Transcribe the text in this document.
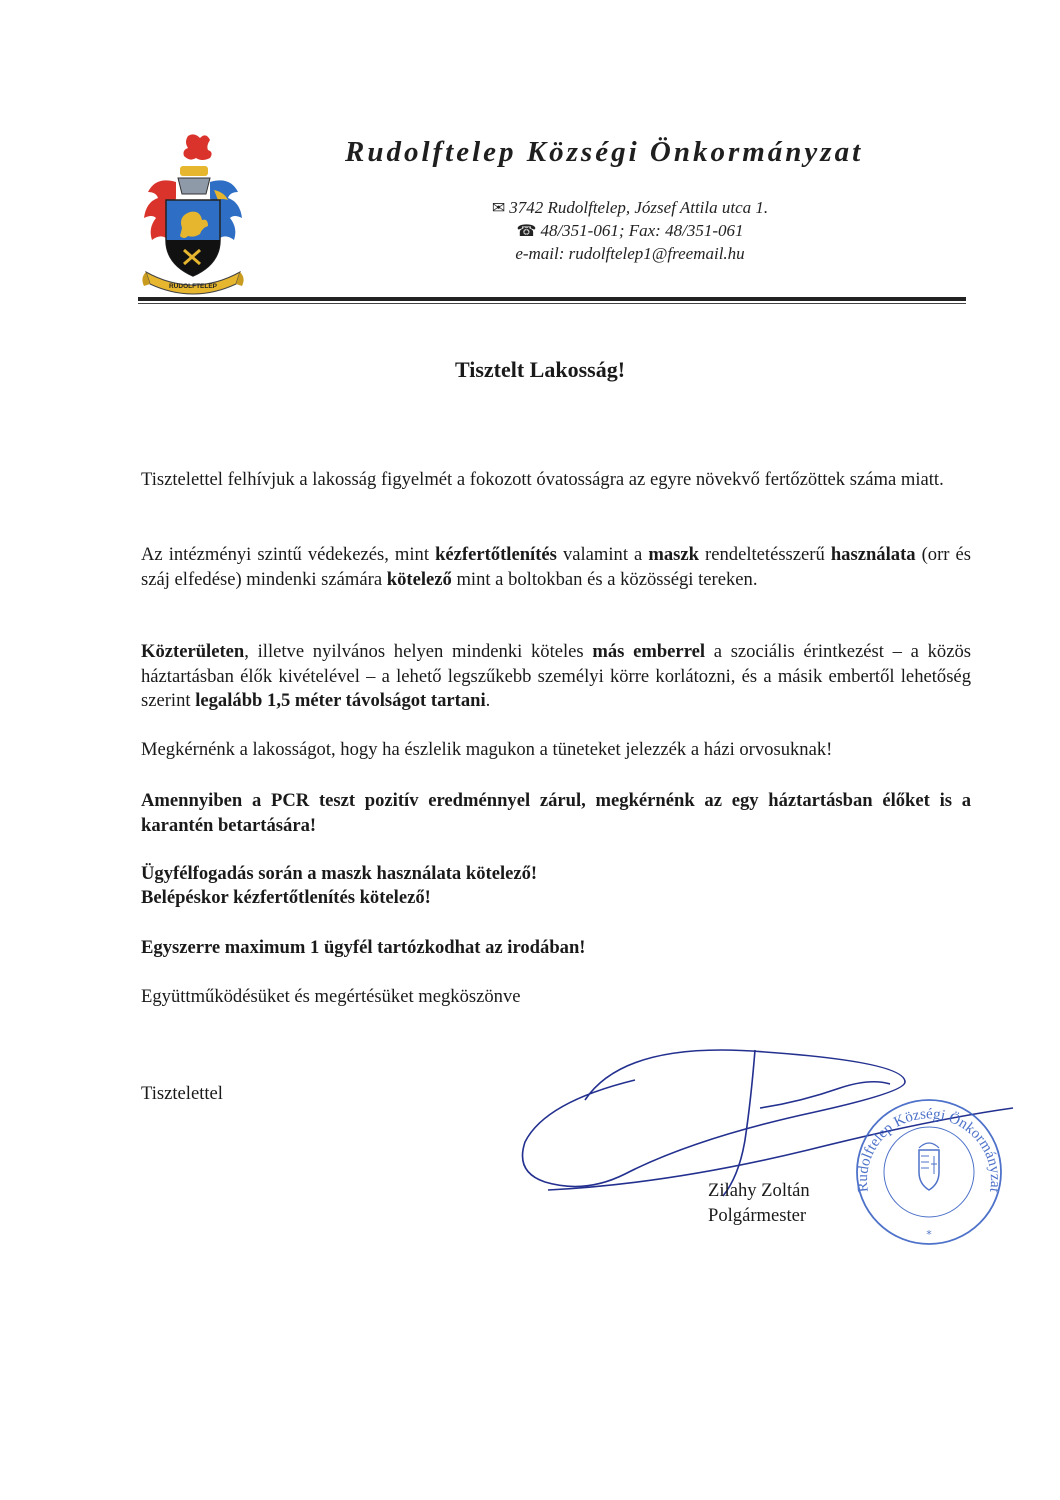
RUDOLFTELEP
Rudolftelep Községi Önkormányzat
✉ 3742 Rudolftelep, József Attila utca 1.
☎ 48/351-061; Fax: 48/351-061
e-mail: rudolftelep1@freemail.hu
Tisztelt Lakosság!
Tisztelettel felhívjuk a lakosság figyelmét a fokozott óvatosságra az egyre növekvő fertőzöttek száma miatt.
Az intézményi szintű védekezés, mint kézfertőtlenítés valamint a maszk rendeltetésszerű használata (orr és száj elfedése) mindenki számára kötelező mint a boltokban és a közösségi tereken.
Közterületen, illetve nyilvános helyen mindenki köteles más emberrel a szociális érintkezést – a közös háztartásban élők kivételével – a lehető legszűkebb személyi körre korlátozni, és a másik embertől lehetőség szerint legalább 1,5 méter távolságot tartani.
Megkérnénk a lakosságot, hogy ha észlelik magukon a tüneteket jelezzék a házi orvosuknak!
Amennyiben a PCR teszt pozitív eredménnyel zárul, megkérnénk az egy háztartásban élőket is a karantén betartására!
Ügyfélfogadás során a maszk használata kötelező!
Belépéskor kézfertőtlenítés kötelező!
Egyszerre maximum 1 ügyfél tartózkodhat az irodában!
Együttműködésüket és megértésüket megköszönve
Tisztelettel
Rudolftelep Községi Önkormányzat
*
Zilahy Zoltán
Polgármester
